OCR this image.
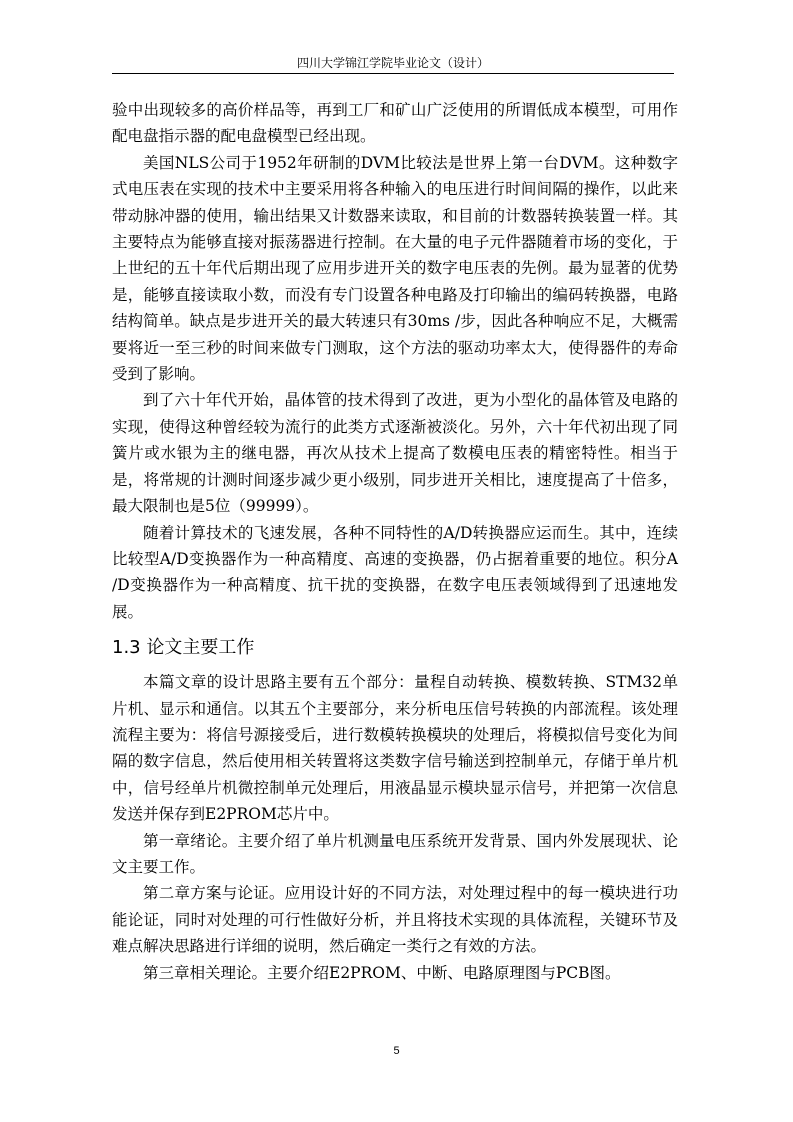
四川大学锦江学院毕业论文（设计）

验中出现较多的高价样品等，再到工厂和矿山广泛使用的所谓低成本模型，可用作配电盘指示器的配电盘模型已经出现。

美国NLS公司于1952年研制的DVM比较法是世界上第一台DVM。这种数字式电压表在实现的技术中主要采用将各种输入的电压进行时间间隔的操作，以此来带动脉冲器的使用，输出结果又计数器来读取，和目前的计数器转换装置一样。其主要特点为能够直接对振荡器进行控制。在大量的电子元件器随着市场的变化，于上世纪的五十年代后期出现了应用步进开关的数字电压表的先例。最为显著的优势是，能够直接读取小数，而没有专门设置各种电路及打印输出的编码转换器，电路结构简单。缺点是步进开关的最大转速只有30ms /步，因此各种响应不足，大概需要将近一至三秒的时间来做专门测取，这个方法的驱动功率太大，使得器件的寿命受到了影响。

到了六十年代开始，晶体管的技术得到了改进，更为小型化的晶体管及电路的实现，使得这种曾经较为流行的此类方式逐渐被淡化。另外，六十年代初出现了同簧片或水银为主的继电器，再次从技术上提高了数模电压表的精密特性。相当于是，将常规的计测时间逐步减少更小级别，同步进开关相比，速度提高了十倍多，最大限制也是5位（99999）。

随着计算技术的飞速发展，各种不同特性的A/D转换器应运而生。其中，连续比较型A/D变换器作为一种高精度、高速的变换器，仍占据着重要的地位。积分A /D变换器作为一种高精度、抗干扰的变换器，在数字电压表领域得到了迅速地发展。

1.3 论文主要工作

本篇文章的设计思路主要有五个部分：量程自动转换、模数转换、STM32单片机、显示和通信。以其五个主要部分，来分析电压信号转换的内部流程。该处理流程主要为：将信号源接受后，进行数模转换模块的处理后，将模拟信号变化为间隔的数字信息，然后使用相关转置将这类数字信号输送到控制单元，存储于单片机中，信号经单片机微控制单元处理后，用液晶显示模块显示信号，并把第一次信息发送并保存到E2PROM芯片中。

第一章绪论。主要介绍了单片机测量电压系统开发背景、国内外发展现状、论文主要工作。

第二章方案与论证。应用设计好的不同方法，对处理过程中的每一模块进行功能论证，同时对处理的可行性做好分析，并且将技术实现的具体流程，关键环节及难点解决思路进行详细的说明，然后确定一类行之有效的方法。

第三章相关理论。主要介绍E2PROM、中断、电路原理图与PCB图。

5
